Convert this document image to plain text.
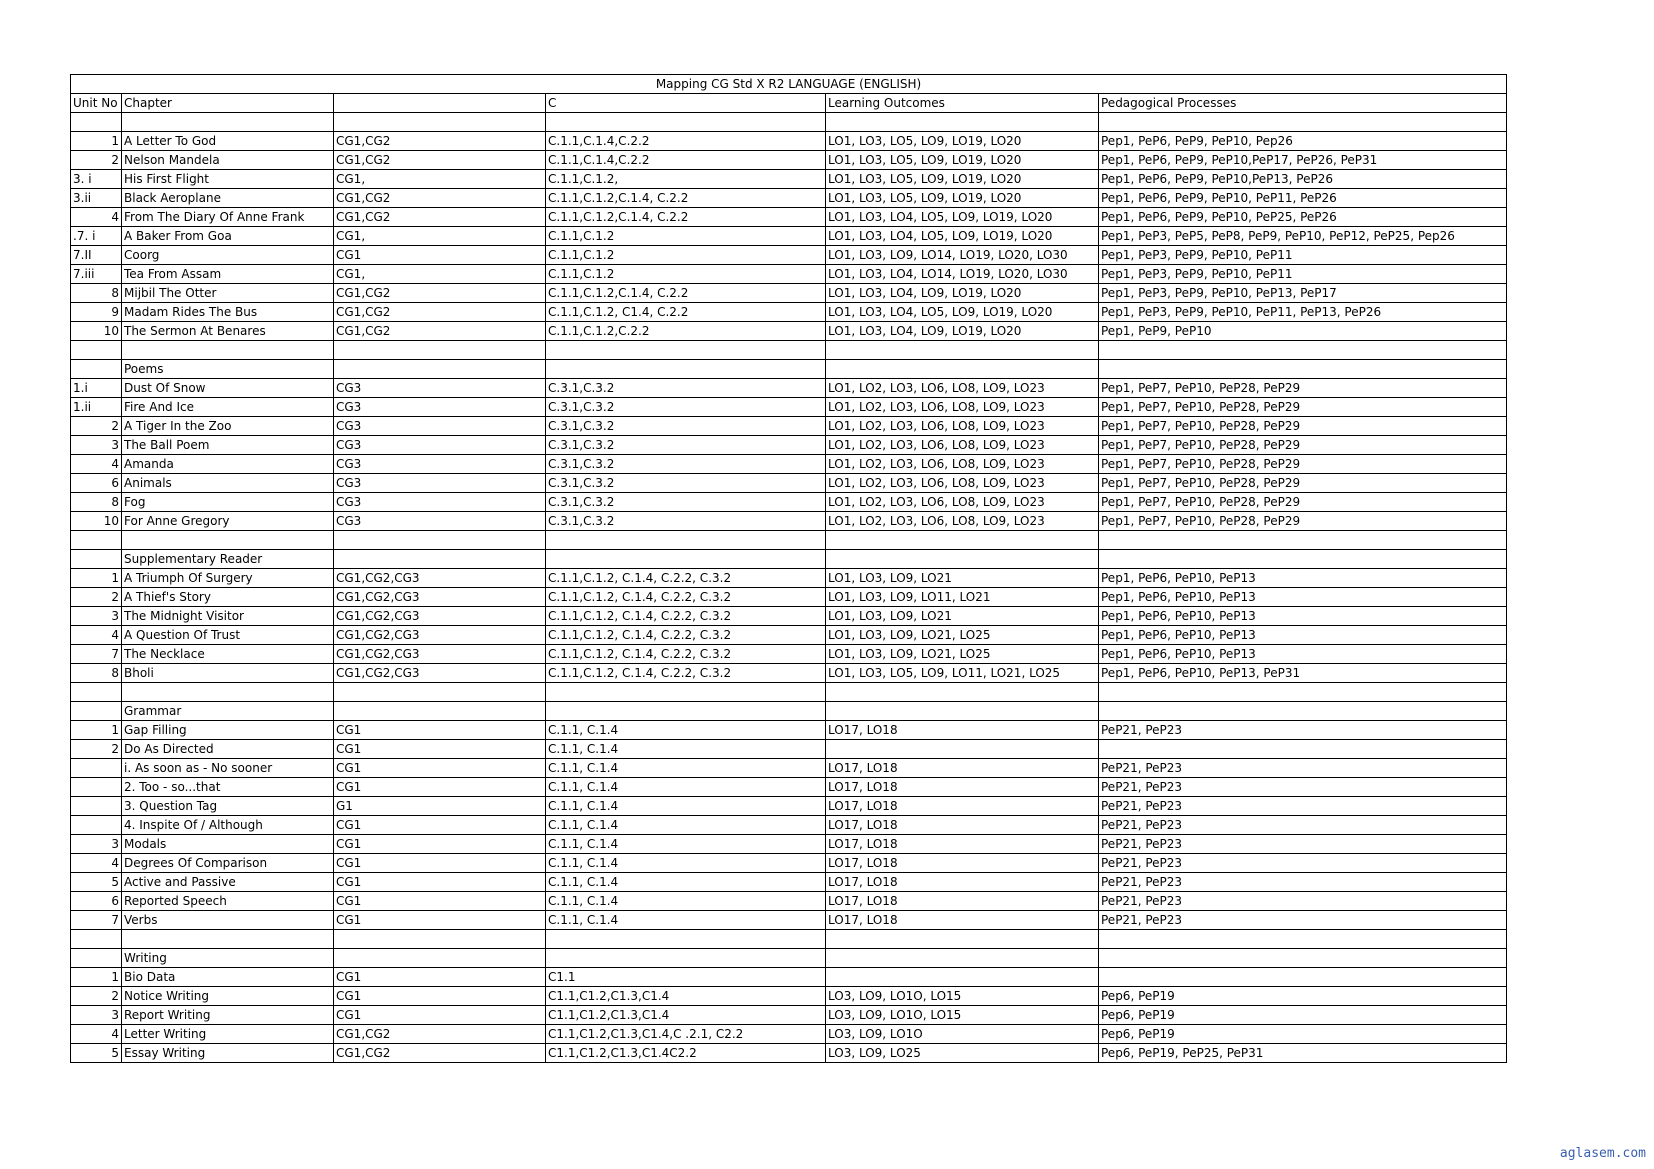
Mapping CG Std X R2 LANGUAGE (ENGLISH)					
Unit No	Chapter		C	Learning Outcomes	Pedagogical Processes

1	A Letter To God	CG1,CG2	C.1.1,C.1.4,C.2.2	LO1, LO3, LO5, LO9, LO19, LO20	Pep1, PeP6, PeP9, PeP10, Pep26
2	Nelson Mandela	CG1,CG2	C.1.1,C.1.4,C.2.2	LO1, LO3, LO5, LO9, LO19, LO20	Pep1, PeP6, PeP9, PeP10,PeP17, PeP26, PeP31
3. i	His First Flight	CG1,	C.1.1,C.1.2,	LO1, LO3, LO5, LO9, LO19, LO20	Pep1, PeP6, PeP9, PeP10,PeP13, PeP26
3.ii	Black Aeroplane	CG1,CG2	C.1.1,C.1.2,C.1.4, C.2.2	LO1, LO3, LO5, LO9, LO19, LO20	Pep1, PeP6, PeP9, PeP10, PeP11, PeP26
4	From The Diary Of Anne Frank	CG1,CG2	C.1.1,C.1.2,C.1.4, C.2.2	LO1, LO3, LO4, LO5, LO9, LO19, LO20	Pep1, PeP6, PeP9, PeP10, PeP25, PeP26
.7. i	A Baker From Goa	CG1,	C.1.1,C.1.2	LO1, LO3, LO4, LO5, LO9, LO19, LO20	Pep1, PeP3, PeP5, PeP8, PeP9, PeP10, PeP12, PeP25, Pep26
7.II	Coorg	CG1	C.1.1,C.1.2	LO1, LO3, LO9, LO14, LO19, LO20, LO30	Pep1, PeP3, PeP9, PeP10, PeP11
7.iii	Tea From Assam	CG1,	C.1.1,C.1.2	LO1, LO3, LO4, LO14, LO19, LO20, LO30	Pep1, PeP3, PeP9, PeP10, PeP11
8	Mijbil The Otter	CG1,CG2	C.1.1,C.1.2,C.1.4, C.2.2	LO1, LO3, LO4, LO9, LO19, LO20	Pep1, PeP3, PeP9, PeP10, PeP13, PeP17
9	Madam Rides The Bus	CG1,CG2	C.1.1,C.1.2, C1.4, C.2.2	LO1, LO3, LO4, LO5, LO9, LO19, LO20	Pep1, PeP3, PeP9, PeP10, PeP11, PeP13, PeP26
10	The Sermon At Benares	CG1,CG2	C.1.1,C.1.2,C.2.2	LO1, LO3, LO4, LO9, LO19, LO20	Pep1, PeP9, PeP10

	Poems				
1.i	Dust Of Snow	CG3	C.3.1,C.3.2	LO1, LO2, LO3, LO6, LO8, LO9, LO23	Pep1, PeP7, PeP10, PeP28, PeP29
1.ii	Fire And Ice	CG3	C.3.1,C.3.2	LO1, LO2, LO3, LO6, LO8, LO9, LO23	Pep1, PeP7, PeP10, PeP28, PeP29
2	A Tiger In the Zoo	CG3	C.3.1,C.3.2	LO1, LO2, LO3, LO6, LO8, LO9, LO23	Pep1, PeP7, PeP10, PeP28, PeP29
3	The Ball Poem	CG3	C.3.1,C.3.2	LO1, LO2, LO3, LO6, LO8, LO9, LO23	Pep1, PeP7, PeP10, PeP28, PeP29
4	Amanda	CG3	C.3.1,C.3.2	LO1, LO2, LO3, LO6, LO8, LO9, LO23	Pep1, PeP7, PeP10, PeP28, PeP29
6	Animals	CG3	C.3.1,C.3.2	LO1, LO2, LO3, LO6, LO8, LO9, LO23	Pep1, PeP7, PeP10, PeP28, PeP29
8	Fog	CG3	C.3.1,C.3.2	LO1, LO2, LO3, LO6, LO8, LO9, LO23	Pep1, PeP7, PeP10, PeP28, PeP29
10	For Anne Gregory	CG3	C.3.1,C.3.2	LO1, LO2, LO3, LO6, LO8, LO9, LO23	Pep1, PeP7, PeP10, PeP28, PeP29

	Supplementary Reader				
1	A Triumph Of Surgery	CG1,CG2,CG3	C.1.1,C.1.2, C.1.4, C.2.2, C.3.2	LO1, LO3, LO9, LO21	Pep1, PeP6, PeP10, PeP13
2	A Thief's Story	CG1,CG2,CG3	C.1.1,C.1.2, C.1.4, C.2.2, C.3.2	LO1, LO3, LO9, LO11, LO21	Pep1, PeP6, PeP10, PeP13
3	The Midnight Visitor	CG1,CG2,CG3	C.1.1,C.1.2, C.1.4, C.2.2, C.3.2	LO1, LO3, LO9, LO21	Pep1, PeP6, PeP10, PeP13
4	A Question Of Trust	CG1,CG2,CG3	C.1.1,C.1.2, C.1.4, C.2.2, C.3.2	LO1, LO3, LO9, LO21, LO25	Pep1, PeP6, PeP10, PeP13
7	The Necklace	CG1,CG2,CG3	C.1.1,C.1.2, C.1.4, C.2.2, C.3.2	LO1, LO3, LO9, LO21, LO25	Pep1, PeP6, PeP10, PeP13
8	Bholi	CG1,CG2,CG3	C.1.1,C.1.2, C.1.4, C.2.2, C.3.2	LO1, LO3, LO5, LO9, LO11, LO21, LO25	Pep1, PeP6, PeP10, PeP13, PeP31

	Grammar				
1	Gap Filling	CG1	C.1.1, C.1.4	LO17, LO18	PeP21, PeP23
2	Do As Directed	CG1	C.1.1, C.1.4		
	i. As soon as - No sooner	CG1	C.1.1, C.1.4	LO17, LO18	PeP21, PeP23
	2. Too - so...that	CG1	C.1.1, C.1.4	LO17, LO18	PeP21, PeP23
	3. Question Tag	G1	C.1.1, C.1.4	LO17, LO18	PeP21, PeP23
	4. Inspite Of / Although	CG1	C.1.1, C.1.4	LO17, LO18	PeP21, PeP23
3	Modals	CG1	C.1.1, C.1.4	LO17, LO18	PeP21, PeP23
4	Degrees Of Comparison	CG1	C.1.1, C.1.4	LO17, LO18	PeP21, PeP23
5	Active and Passive	CG1	C.1.1, C.1.4	LO17, LO18	PeP21, PeP23
6	Reported Speech	CG1	C.1.1, C.1.4	LO17, LO18	PeP21, PeP23
7	Verbs	CG1	C.1.1, C.1.4	LO17, LO18	PeP21, PeP23

	Writing				
1	Bio Data	CG1	C1.1		
2	Notice Writing	CG1	C1.1,C1.2,C1.3,C1.4	LO3, LO9, LO1O, LO15	Pep6, PeP19
3	Report Writing	CG1	C1.1,C1.2,C1.3,C1.4	LO3, LO9, LO1O, LO15	Pep6, PeP19
4	Letter Writing	CG1,CG2	C1.1,C1.2,C1.3,C1.4,C .2.1, C2.2	LO3, LO9, LO1O	Pep6, PeP19
5	Essay Writing	CG1,CG2	C1.1,C1.2,C1.3,C1.4C2.2	LO3, LO9, LO25	Pep6, PeP19, PeP25, PeP31
aglasem.com
